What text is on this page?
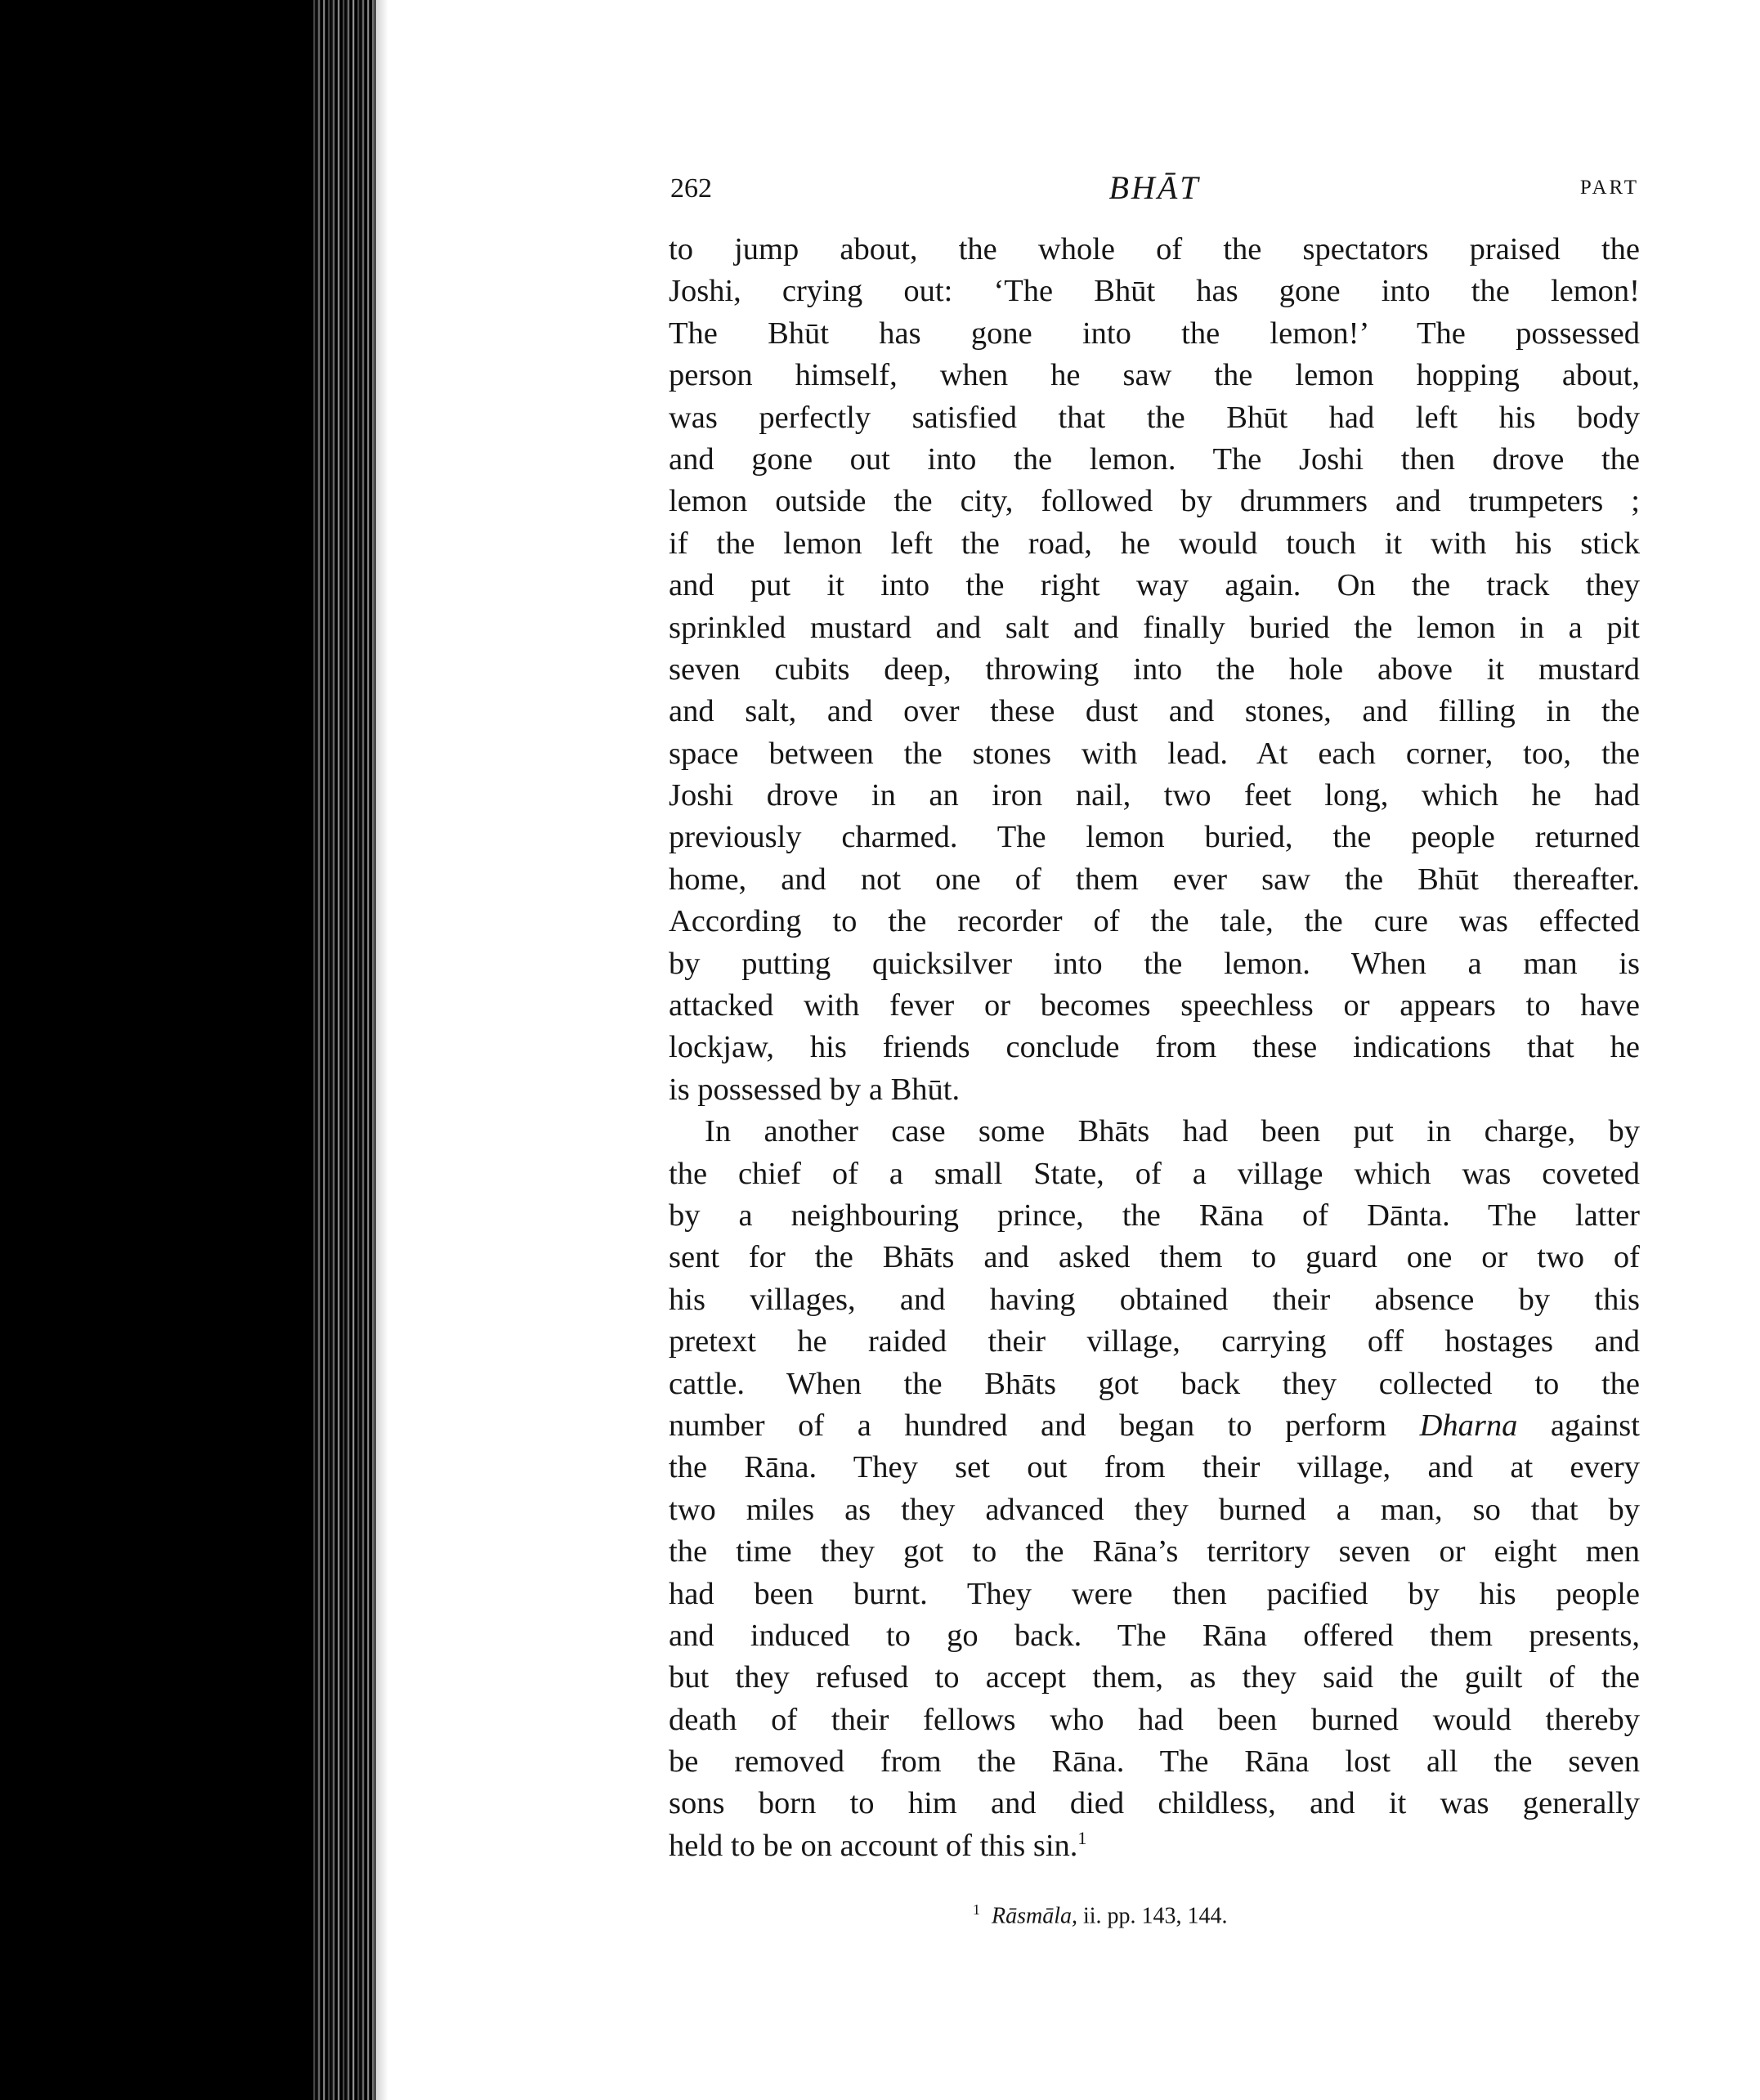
262	BHĀT	PART
to jump about, the whole of the spectators praised the
Joshi, crying out: ‘The Bhūt has gone into the lemon!
The Bhūt has gone into the lemon!’ The possessed
person himself, when he saw the lemon hopping about,
was perfectly satisfied that the Bhūt had left his body
and gone out into the lemon. The Joshi then drove the
lemon outside the city, followed by drummers and trumpeters ;
if the lemon left the road, he would touch it with his stick
and put it into the right way again. On the track they
sprinkled mustard and salt and finally buried the lemon in a pit
seven cubits deep, throwing into the hole above it mustard
and salt, and over these dust and stones, and filling in the
space between the stones with lead. At each corner, too, the
Joshi drove in an iron nail, two feet long, which he had
previously charmed. The lemon buried, the people returned
home, and not one of them ever saw the Bhūt thereafter.
According to the recorder of the tale, the cure was effected
by putting quicksilver into the lemon. When a man is
attacked with fever or becomes speechless or appears to have
lockjaw, his friends conclude from these indications that he
is possessed by a Bhūt.
In another case some Bhāts had been put in charge, by
the chief of a small State, of a village which was coveted
by a neighbouring prince, the Rāna of Dānta. The latter
sent for the Bhāts and asked them to guard one or two of
his villages, and having obtained their absence by this
pretext he raided their village, carrying off hostages and
cattle. When the Bhāts got back they collected to the
number of a hundred and began to perform Dharna against
the Rāna. They set out from their village, and at every
two miles as they advanced they burned a man, so that by
the time they got to the Rāna’s territory seven or eight men
had been burnt. They were then pacified by his people
and induced to go back. The Rāna offered them presents,
but they refused to accept them, as they said the guilt of the
death of their fellows who had been burned would thereby
be removed from the Rāna. The Rāna lost all the seven
sons born to him and died childless, and it was generally
held to be on account of this sin.$^1$
$^1$ Rāsmāla, ii. pp. 143, 144.
